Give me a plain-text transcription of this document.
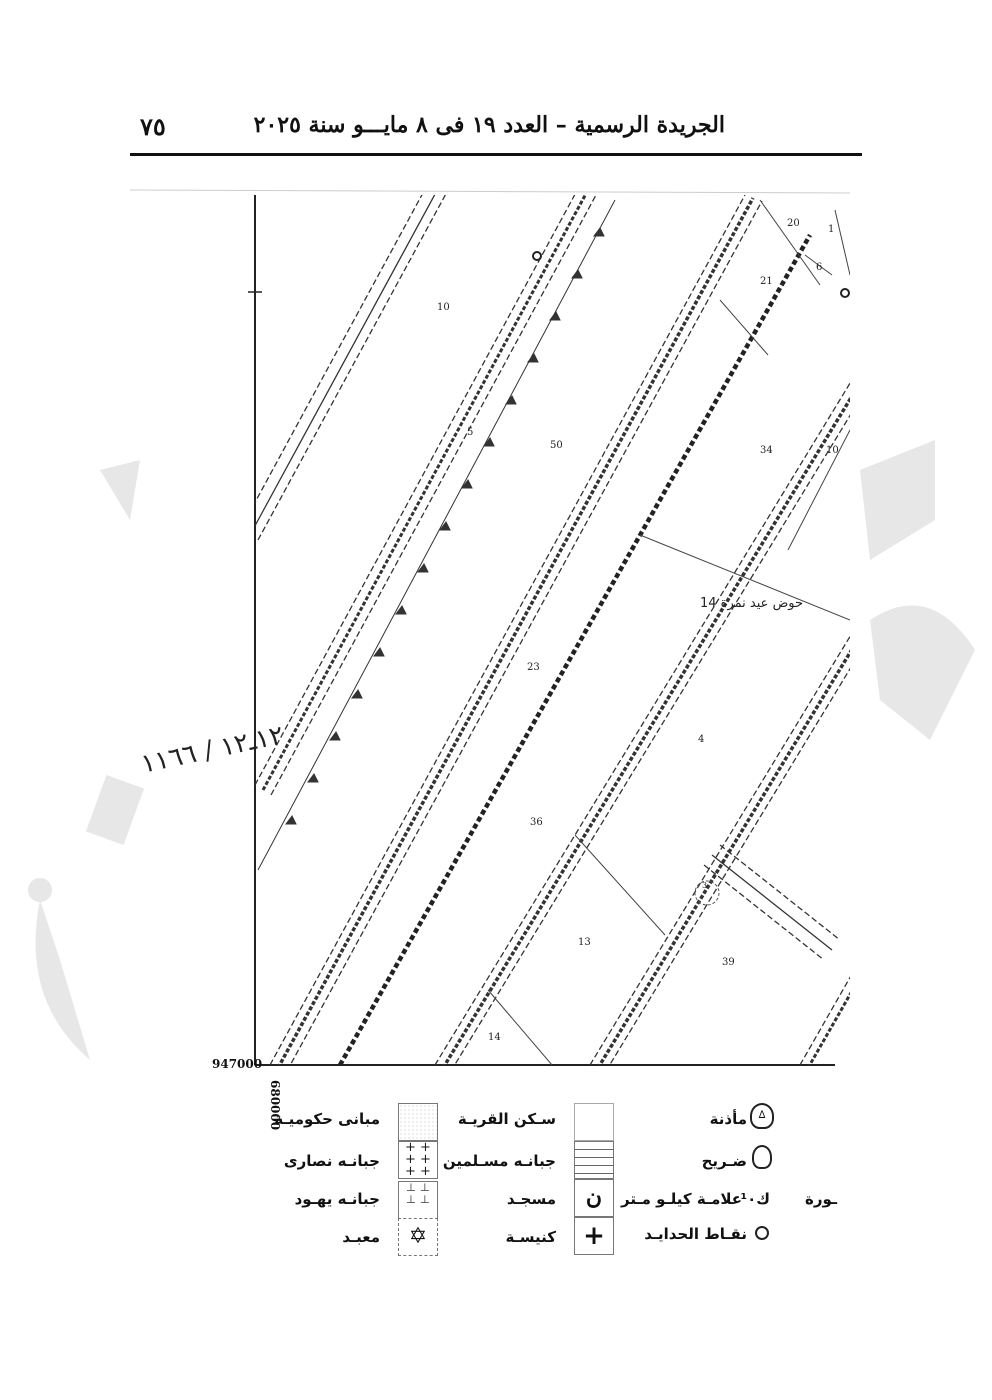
الجريدة الرسمية – العدد ١٩ فى ٨ مايـــو سنة ٢٠٢٥
٧٥
20
1
6
21
10
5
50	34	10
23
4
36
13
39
14
3
حوض عيد نمرة 14
947000
680000
١٢ـ١٢ / ١١٦٦
مبانى حكوميـة
+ +
+ +
+ +
جبانـه نصارى
⊥ ⊥
⊥ ⊥
جبانـه يهـود
✡
معبـد
سـكن القريـة
جبانـه مسـلمين
ن
مسجـد
+
كنيسـة
ᐃ
مأذنة
ضـريح
ـورة
ك¹٠
علامـة كيلـو مـتر
نقـاط الحدايـد
